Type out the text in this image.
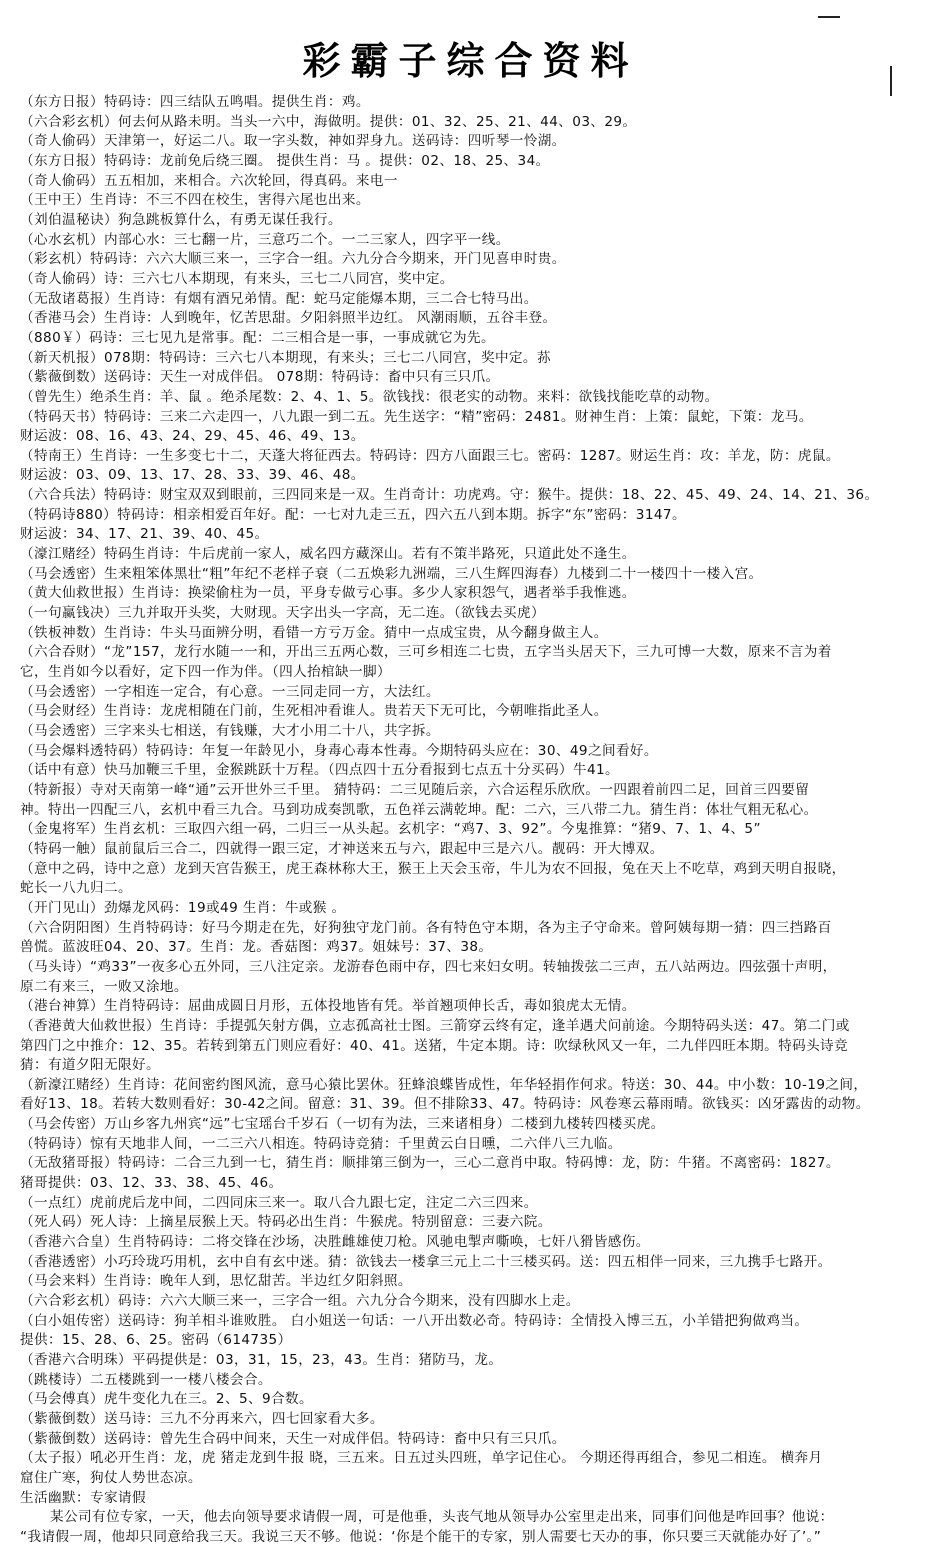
彩霸子综合资料
（东方日报）特码诗：四三结队五鸣唱。提供生肖：鸡。
（六合彩玄机）何去何从路未明。当头一六中，海做明。提供：01、32、25、21、44、03、29。
（奇人偷码）天津第一，好运二八。取一字头数，神如羿身九。送码诗：四听琴一怜湖。
（东方日报）特码诗：龙前免后绕三圈。 提供生肖：马 。提供：02、18、25、34。
（奇人偷码）五五相加，来相合。六次轮回，得真码。来电一
（王中王）生肖诗：不三不四在校生，害得六尾也出来。
（刘伯温秘诀）狗急跳板算什么，有勇无谋任我行。
（心水玄机）内部心水：三七翻一片，三意巧二个。一二三家人，四字平一线。
（彩玄机）特码诗：六六大顺三来一，三字合一组。六九分合今期来，开门见喜申时贵。
（奇人偷码）诗：三六七八本期现，有来头，三七二八同宫，奖中定。
（无敌诸葛报）生肖诗：有烟有酒兄弟情。配：蛇马定能爆本期，三二合七特马出。
（香港马会）生肖诗：人到晚年，忆苦思甜。夕阳斜照半边红。 风潮雨顺，五谷丰登。
（880￥）码诗：三七见九是常事。配：二三相合是一事，一事成就它为先。
（新天机报）078期：特码诗：三六七八本期现，有来头；三七二八同宫，奖中定。荪
（紫薇倒数）送码诗：天生一对成伴侣。 078期：特码诗：畜中只有三只爪。
（曾先生）绝杀生肖：羊、鼠 。绝杀尾数：2、4、1、5。欲钱找：很老实的动物。来料：欲钱找能吃草的动物。
（特码天书）特码诗：三来二六走四一，八九跟一到二五。先生送字：“精”密码：2481。财神生肖：上策：鼠蛇，下策：龙马。
财运波：08、16、43、24、29、45、46、49、13。
（特南王）生肖诗：一生多变七十二，天蓬大将征西去。特码诗：四方八面跟三七。密码：1287。财运生肖：攻：羊龙，防：虎鼠。
财运波：03、09、13、17、28、33、39、46、48。
（六合兵法）特码诗：财宝双双到眼前，三四同来是一双。生肖奇计：功虎鸡。守：猴牛。提供：18、22、45、49、24、14、21、36。
（特码诗880）特码诗：相亲相爱百年好。配：一七对九走三五，四六五八到本期。拆字“东”密码：3147。
财运波：34、17、21、39、40、45。
（濠江赌经）特码生肖诗：牛后虎前一家人，威名四方藏深山。若有不策半路死，只道此处不逢生。
（马会透密）生来粗笨体黑壮“粗”年纪不老样子衰（二五焕彩九洲端，三八生辉四海春）九楼到二十一楼四十一楼入宫。
（黄大仙救世报）生肖诗：换梁偷柱为一员，平身专做亏心事。多少人家积怨气，遇者举手我惟逃。
（一句赢钱决）三九并取开头奖，大财现。天字出头一字高，无二连。（欲钱去买虎）
（铁板神数）生肖诗：牛头马面辨分明，看错一方亏万金。猜中一点成宝贵，从今翻身做主人。
（六合吞财）“龙”157，龙行水随一一和，开出三五两心数，三可乡相连二七贵，五字当头居天下，三九可博一大数，原来不言为着
它，生肖如今以看好，定下四一作为伴。（四人抬棺缺一脚）
（马会透密）一字相连一定合，有心意。一三同走同一方，大法红。
（马会财经）生肖诗：龙虎相随在门前，生死相冲看谁人。贵若天下无可比，今朝唯指此圣人。
（马会透密）三字来头七相送，有钱赚，大才小用二十八，共字拆。
（马会爆料透特码）特码诗：年复一年龄见小，身毒心毒本性毒。今期特码头应在：30、49之间看好。
（话中有意）快马加鞭三千里，金猴跳跃十万程。（四点四十五分看报到七点五十分买码）牛41。
（特新报）寺对天南第一峰“通”云开世外三千里。 猜特码：二三见随后亲，六合运程乐欣欣。一四跟着前四二足，回首三四要留
神。特出一四配三八，玄机中看三九合。马到功成奏凯歌，五色祥云满乾坤。配：二六，三八带二九。猜生肖：体壮气粗无私心。
（金鬼将军）生肖玄机：三取四六组一码，二归三一从头起。玄机字：“鸡7、3、92”。今鬼推算：“猪9、7、1、4、5”
（特码一触）鼠前鼠后三合二，四就得一跟三定，才神送来五与六，跟起中三是六八。靓码：开大博双。
（意中之码，诗中之意）龙到天宫告猴王，虎王森林称大王，猴王上天会玉帝，牛儿为农不回报，兔在天上不吃草，鸡到天明自报晓，
蛇长一八九归二。
（开门见山）劲爆龙风码：19或49 生肖：牛或猴 。
（六合阴阳图）生肖特码诗：好马今期走在先，好狗独守龙门前。各有特色守本期，各为主子守命来。曾阿姨每期一猜：四三挡路百
兽慌。蓝波旺04、20、37。生肖：龙。香菇图：鸡37。姐妹号：37、38。
（马头诗）“鸡33”一夜多心五外同，三八注定亲。龙游春色雨中存，四七来妇女明。转轴拨弦二三声，五八站两边。四弦强十声明，
原二有来三，一败又涂地。
（港台神算）生肖特码诗：屈曲成圆日月形，五体投地皆有凭。举首翘项伸长舌，毒如狼虎太无情。
（香港黄大仙救世报）生肖诗：手提弧矢射方偶，立志孤高社士图。三箭穿云终有定，逢羊遇犬问前途。今期特码头送：47。第二门或
第四门之中推介：12、35。若转到第五门则应看好：40、41。送猪，牛定本期。诗：吹绿秋风又一年，二九伴四旺本期。特码头诗竞
猜：有道夕阳无限好。
（新濠江赌经）生肖诗：花间密约图风流，意马心猿比罢休。狂蜂浪蝶皆成性，年华轻捐作何求。特送：30、44。中小数：10-19之间，
看好13、18。若转大数则看好：30-42之间。留意：31、39。但不排除33、47。特码诗：风卷寒云幕雨晴。欲钱买：凶牙露齿的动物。
（马会传密）万山乡客九州宾“远”七宝瑶台千岁石（一切有为法，三来诸相身）二楼到九楼转四楼买虎。
（特码诗）惊有天地非人间，一二三六八相连。特码诗竞猜：千里黄云白日曛，二六伴八三九临。
（无敌猪哥报）特码诗：二合三九到一七，猜生肖：顺排第三倒为一，三心二意肖中取。特码博：龙，防：牛猪。不离密码：1827。
猪哥提供：03、12、33、38、45、46。
（一点红）虎前虎后龙中间，二四同床三来一。取八合九跟七定，注定二六三四来。
（死人码）死人诗：上摘星辰猴上天。特码必出生肖：牛猴虎。特别留意：三妻六院。
（香港六合皇）生肖特码诗：二将交锋在沙场，决胜雌雄使刀枪。风驰电掣声嘶唤，七奸八猾皆感伤。
（香港透密）小巧玲珑巧用机，玄中自有玄中迷。猜：欲钱去一楼拿三元上二十三楼买码。送：四五相伴一同来，三九携手七路开。
（马会来料）生肖诗：晚年人到，思忆甜苦。半边红夕阳斜照。
（六合彩玄机）码诗：六六大顺三来一，三字合一组。六九分合今期来，没有四脚水上走。
（白小姐传密）送码诗：狗羊相斗谁败胜。 白小姐送一句话：一八开出数必奇。特码诗：全情投入博三五，小羊错把狗做鸡当。
提供：15、28、6、25。密码（614735）
（香港六合明珠）平码提供是：03，31，15，23，43。生肖：猪防马，龙。
（跳楼诗）二五楼跳到一一楼八楼会合。
（马会傅真）虎牛变化九在三。2、5、9合数。
（紫薇倒数）送马诗：三九不分再来六，四七回家看大多。
（紫薇倒数）送码诗：曾先生合码中间来，天生一对成伴侣。特码诗：畜中只有三只爪。
（太子报）吼必开生肖：龙，虎 猪走龙到牛报 晓，三五来。日五过头四班，单字记住心。 今期还得再组合，参见二相连。 横奔月
窟住广寒，狗仗人势世态凉。
生活幽默：专家请假
某公司有位专家，一天，他去向领导要求请假一周，可是他垂，头丧气地从领导办公室里走出来，同事们问他是咋回事？他说：
“我请假一周，他却只同意给我三天。我说三天不够。他说：‘你是个能干的专家，别人需要七天办的事，你只要三天就能办好了’。”
